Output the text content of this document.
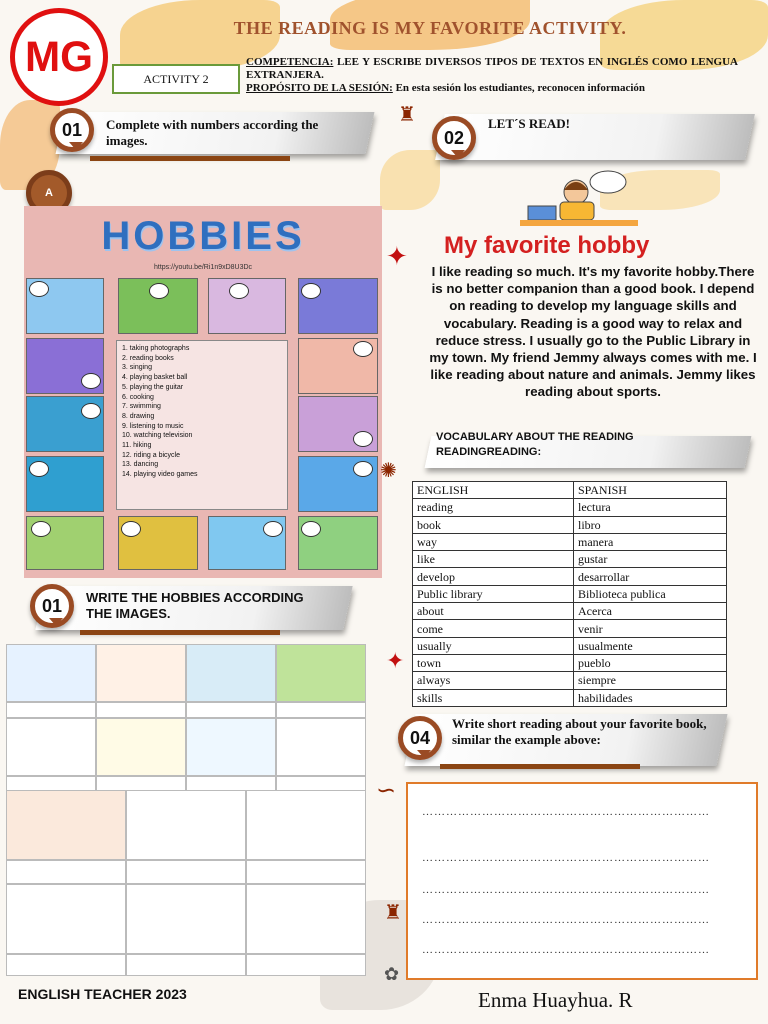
MG
THE READING IS MY FAVORITE ACTIVITY.
ACTIVITY 2
COMPETENCIA: LEE Y ESCRIBE DIVERSOS TIPOS DE TEXTOS EN INGLÉS COMO LENGUA EXTRANJERA.
PROPÓSITO DE LA SESIÓN: En esta sesión los estudiantes, reconocen información
01	Complete with numbers according the images.
A
HOBBIES
https://youtu.be/Ri1n9xD8U3Dc
1. taking photographs
2. reading books
3. singing
4. playing basket ball
5. playing the guitar
6. cooking
7. swimming
8. drawing
9. listening to music
10. watching television
11. hiking
12. riding a bicycle
13. dancing
14. playing video games
02
LET´S READ!
♜
My favorite hobby
I like reading so much. It's my favorite hobby.There is no better companion than a good book. I depend on reading to develop my language skills and vocabulary. Reading is a good way to relax and reduce stress. I usually go to the Public Library in my town. My friend Jemmy always comes with me. I like reading about nature and animals. Jemmy likes reading about sports.
✦
✺
VOCABULARY ABOUT THE READING
READINGREADING:
ENGLISH	SPANISH
reading	lectura
book	libro
way	manera
like	gustar
develop	desarrollar
Public library	Biblioteca publica
about	Acerca
come	venir
usually	usualmente
town	pueblo
always	siempre
skills	habilidades
✦
01	WRITE THE HOBBIES ACCORDING THE IMAGES.
04
Write short reading about your favorite book, similar the example above:
∽
♜
✿
………………………………………………………………
………………………………………………………………
………………………………………………………………
………………………………………………………………
………………………………………………………………
ENGLISH TEACHER 2023	Enma Huayhua. R
